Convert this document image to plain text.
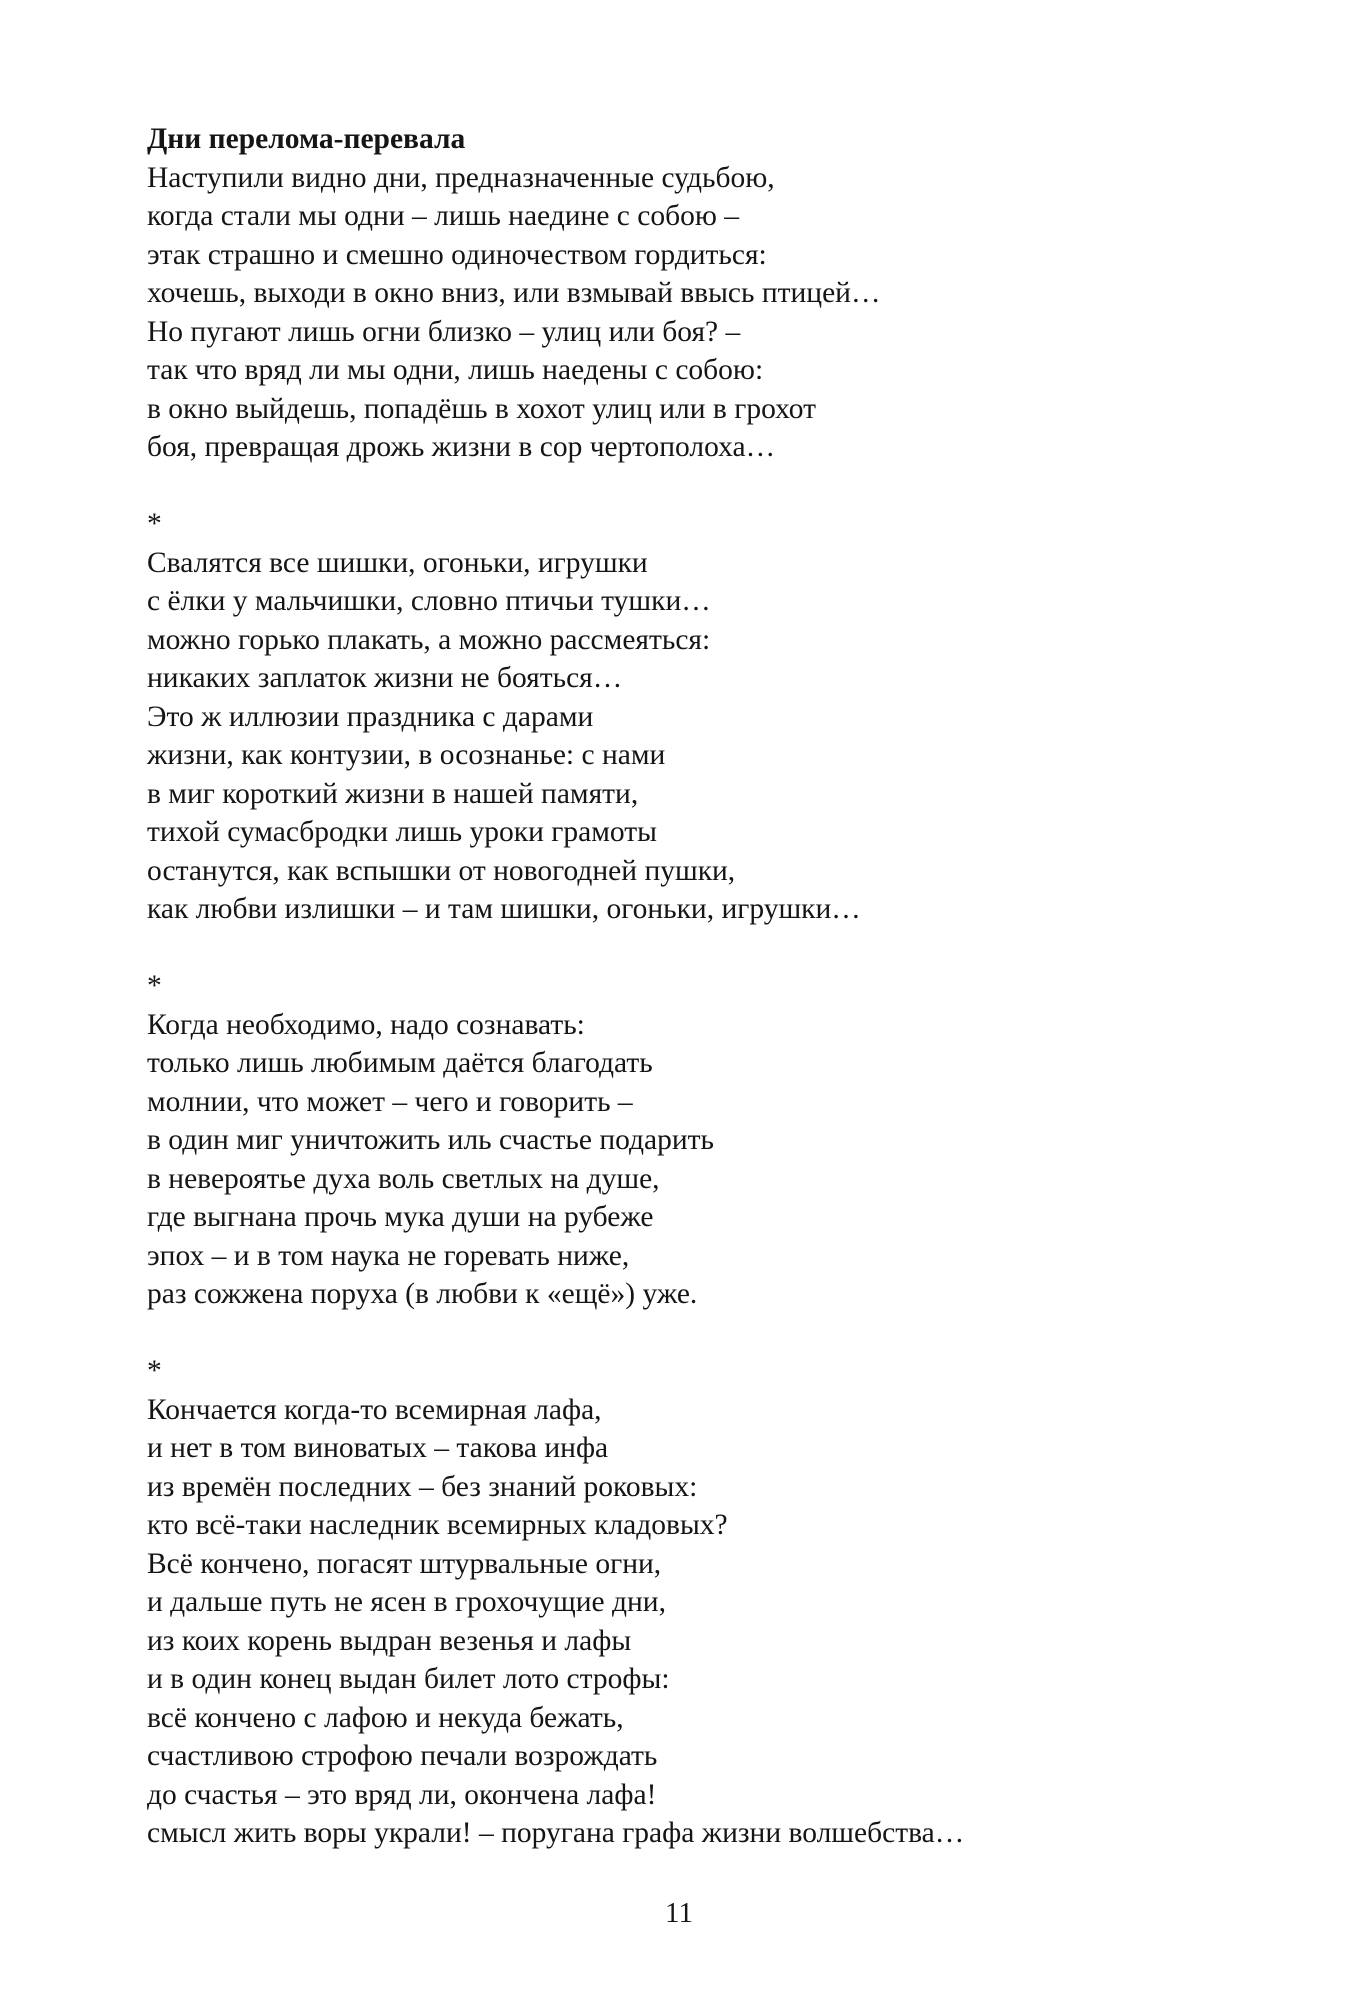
Дни перелома-перевала
Наступили видно дни, предназначенные судьбою,
когда стали мы одни – лишь наедине с собою –
этак страшно и смешно одиночеством гордиться:
хочешь, выходи в окно вниз, или взмывай ввысь птицей…
Но пугают лишь огни близко – улиц или боя? –
так что вряд ли мы одни, лишь наедены с собою:
в окно выйдешь, попадёшь в хохот улиц или в грохот
боя, превращая дрожь жизни в сор чертополоха…
*
Свалятся все шишки, огоньки, игрушки
с ёлки у мальчишки, словно птичьи тушки…
можно горько плакать, а можно рассмеяться:
никаких заплаток жизни не бояться…
Это ж иллюзии праздника с дарами
жизни, как контузии, в осознанье: с нами
в миг короткий жизни в нашей памяти,
тихой сумасбродки лишь уроки грамоты
останутся, как вспышки от новогодней пушки,
как любви излишки – и там шишки, огоньки, игрушки…
*
Когда необходимо, надо сознавать:
только лишь любимым даётся благодать
молнии, что может – чего и говорить –
в один миг уничтожить иль счастье подарить
в невероятье духа воль светлых на душе,
где выгнана прочь мука души на рубеже
эпох – и в том наука не горевать ниже,
раз сожжена поруха (в любви к «ещё») уже.
*
Кончается когда-то всемирная лафа,
и нет в том виноватых – такова инфа
из времён последних – без знаний роковых:
кто всё-таки наследник всемирных кладовых?
Всё кончено, погасят штурвальные огни,
и дальше путь не ясен в грохочущие дни,
из коих корень выдран везенья и лафы
и в один конец выдан билет лото строфы:
всё кончено с лафою и некуда бежать,
счастливою строфою печали возрождать
до счастья – это вряд ли, окончена лафа!
смысл жить воры украли! – поругана графа жизни волшебства…
11
